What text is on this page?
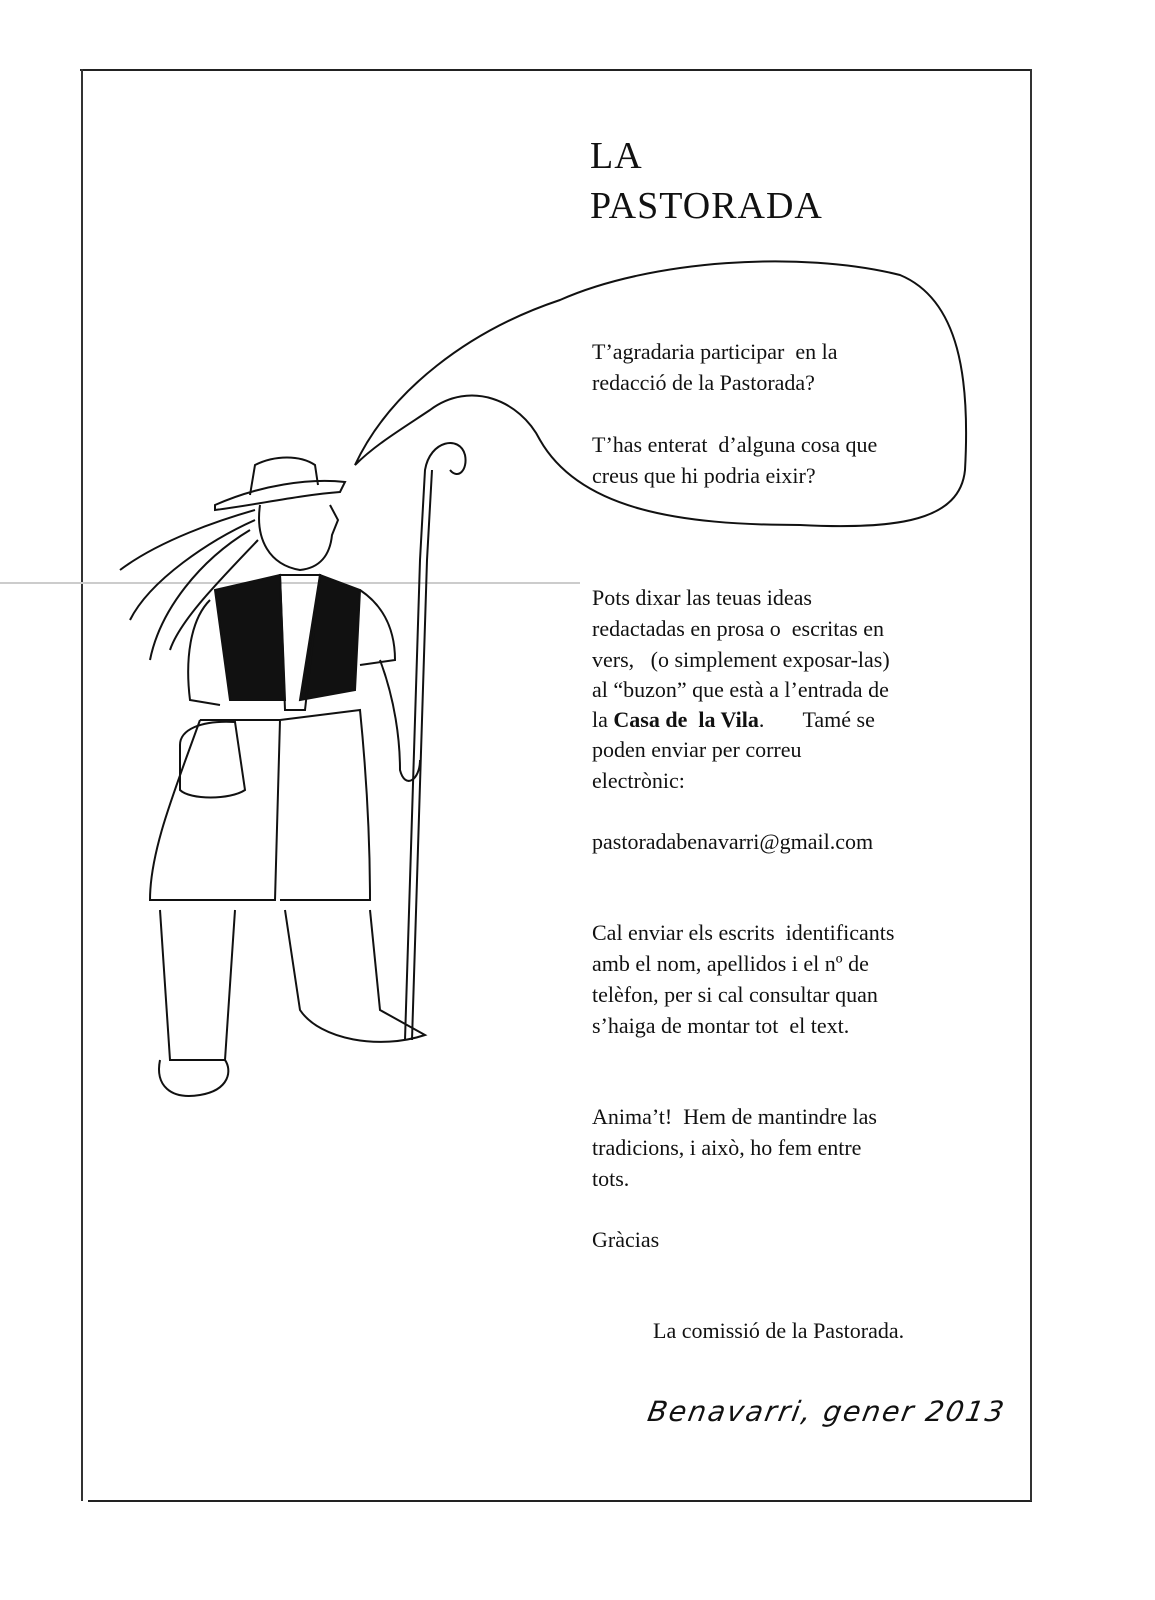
LA
PASTORADA
T’agradaria participar  en la
redacció de la Pastorada?
T’has enterat  d’alguna cosa que
creus que hi podria eixir?
Pots dixar las teuas ideas
redactadas en prosa o  escritas en
vers,   (o simplement exposar-las)
al “buzon” que està a l’entrada de
la Casa de  la Vila.       Tamé se
poden enviar per correu
electrònic:
pastoradabenavarri@gmail.com
Cal enviar els escrits  identificants
amb el nom, apellidos i el nº de
telèfon, per si cal consultar quan
s’haiga de montar tot  el text.
Anima’t!  Hem de mantindre las
tradicions, i això, ho fem entre
tots.
Gràcias
La comissió de la Pastorada.
Benavarri, gener 2013
